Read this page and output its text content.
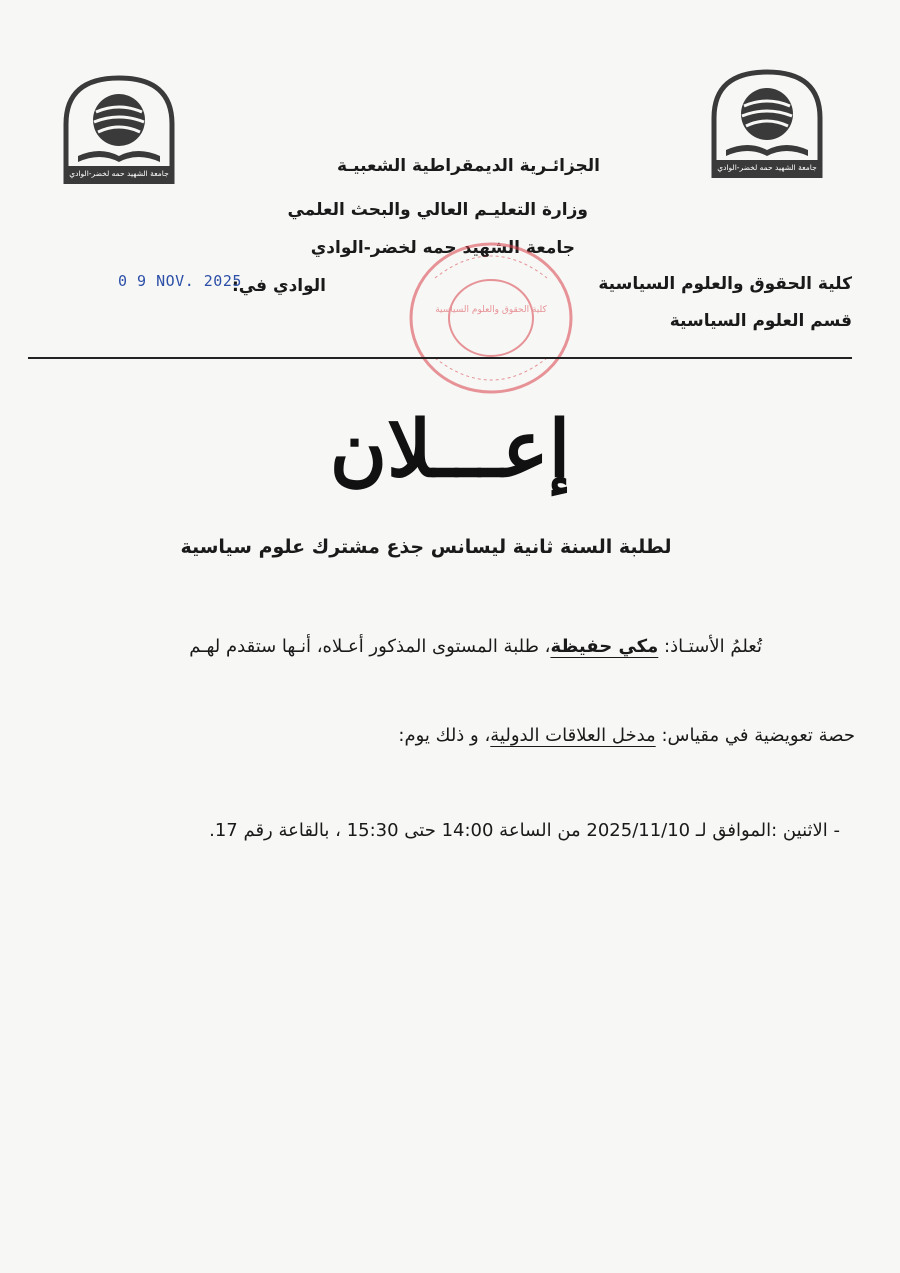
جامعة الشهيد حمه لخضر-الوادي
جامعة الشهيد حمه لخضر-الوادي
الجزائـرية الديمقراطية الشعبيـة
وزارة التعليـم العالي والبحث العلمي
جامعة الشهيد حمه لخضر-الوادي
كلية الحقوق والعلوم السياسية
قسم العلوم السياسية
الوادي في:
0 9 NOV. 2025
كلية الحقوق والعلوم السياسية
إعـــلان
لطلبة السنة ثانية ليسانس جذع مشترك علوم سياسية
تُعلمُ الأستـاذ: مكي حفيظة، طلبة المستوى المذكور أعـلاه، أنـها ستقدم لهـم
حصة تعويضية في مقياس: مدخل العلاقات الدولية، و ذلك يوم:
- الاثنين :الموافق لـ 2025/11/10 من الساعة 14:00 حتى 15:30 ، بالقاعة رقم 17.
